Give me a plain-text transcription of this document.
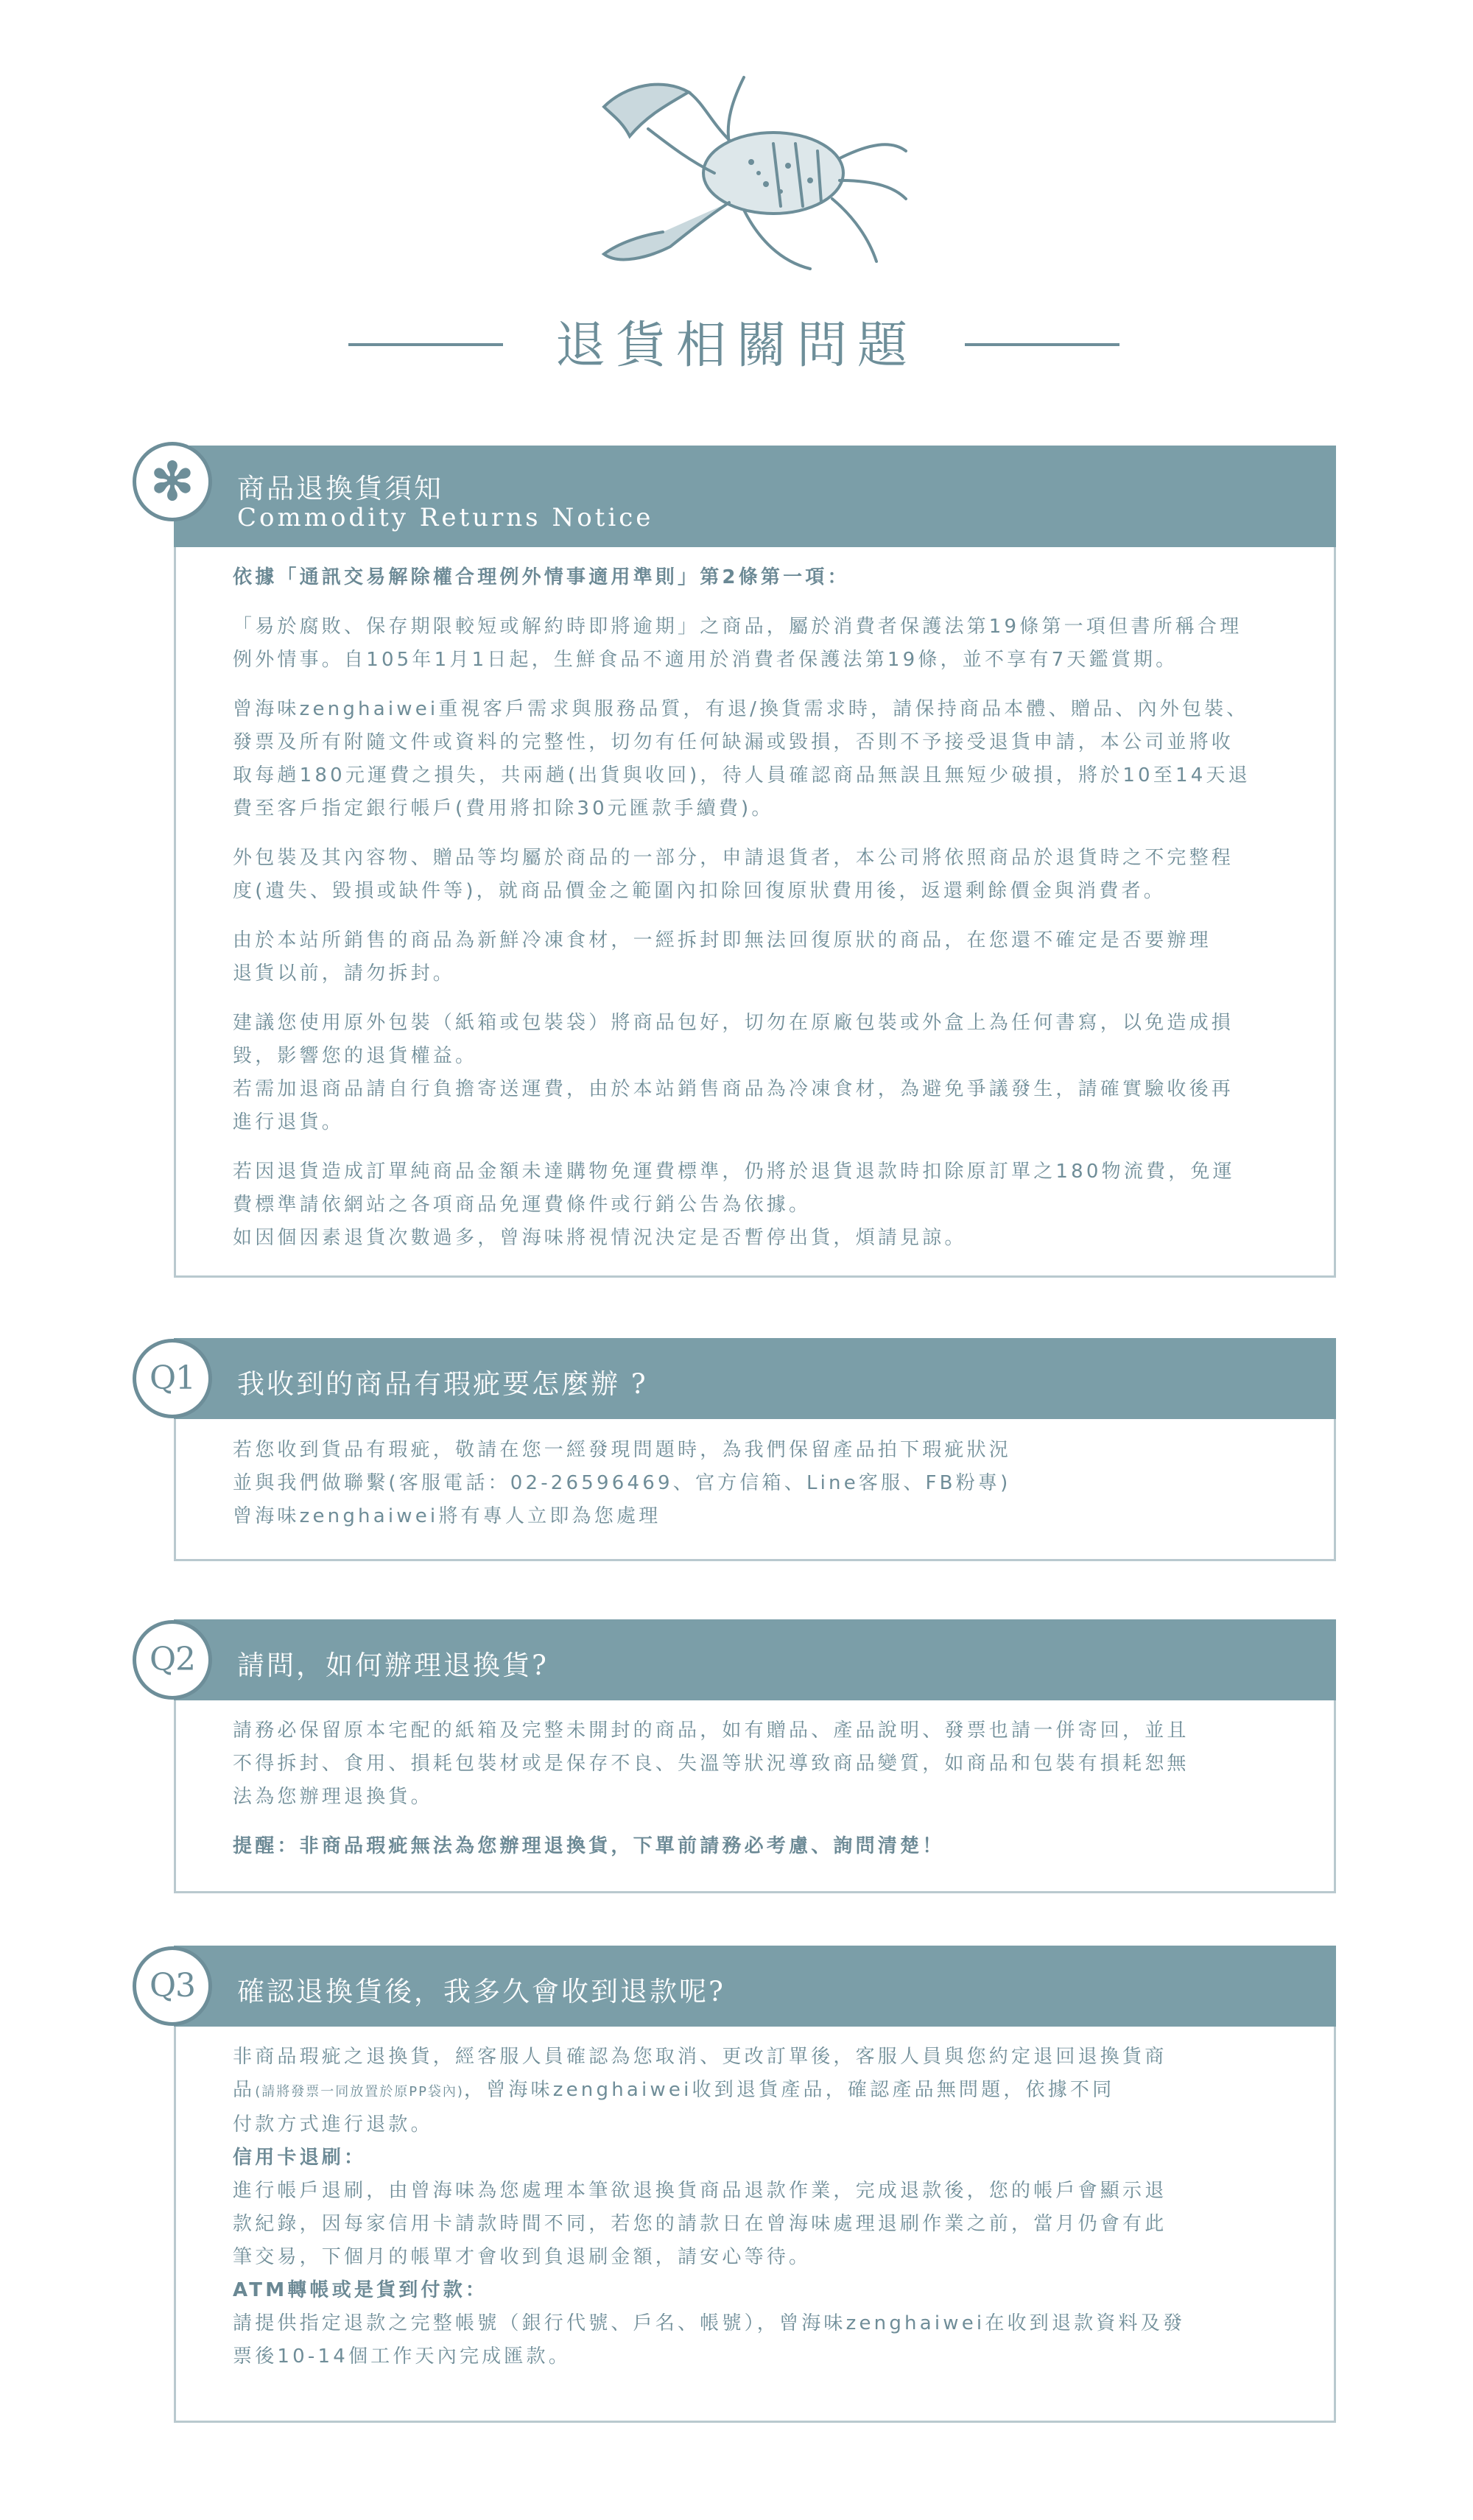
退貨相關問題
商品退換貨須知
Commodity Returns Notice
✻

依據「通訊交易解除權合理例外情事適用準則」第2條第一項：

「易於腐敗、保存期限較短或解約時即將逾期」之商品，屬於消費者保護法第19條第一項但書所稱合理

例外情事。自105年1月1日起，生鮮食品不適用於消費者保護法第19條，並不享有7天鑑賞期。

曾海味zenghaiwei重視客戶需求與服務品質，有退/換貨需求時，請保持商品本體、贈品、內外包裝、

發票及所有附隨文件或資料的完整性，切勿有任何缺漏或毀損，否則不予接受退貨申請，本公司並將收

取每趟180元運費之損失，共兩趟(出貨與收回)，待人員確認商品無誤且無短少破損，將於10至14天退

費至客戶指定銀行帳戶(費用將扣除30元匯款手續費)。

外包裝及其內容物、贈品等均屬於商品的一部分，申請退貨者，本公司將依照商品於退貨時之不完整程

度(遺失、毀損或缺件等)，就商品價金之範圍內扣除回復原狀費用後，返還剩餘價金與消費者。

由於本站所銷售的商品為新鮮冷凍食材，一經拆封即無法回復原狀的商品，在您還不確定是否要辦理

退貨以前，請勿拆封。

建議您使用原外包裝（紙箱或包裝袋）將商品包好，切勿在原廠包裝或外盒上為任何書寫，以免造成損

毀，影響您的退貨權益。

若需加退商品請自行負擔寄送運費，由於本站銷售商品為冷凍食材，為避免爭議發生，請確實驗收後再

進行退貨。

若因退貨造成訂單純商品金額未達購物免運費標準，仍將於退貨退款時扣除原訂單之180物流費，免運

費標準請依網站之各項商品免運費條件或行銷公告為依據。

如因個因素退貨次數過多，曾海味將視情況決定是否暫停出貨，煩請見諒。

我收到的商品有瑕疵要怎麼辦 ?
Q1

若您收到貨品有瑕疵，敬請在您一經發現問題時，為我們保留產品拍下瑕疵狀況

並與我們做聯繫(客服電話：02-26596469、官方信箱、Line客服、FB粉專)

曾海味zenghaiwei將有專人立即為您處理

請問，如何辦理退換貨?
Q2

請務必保留原本宅配的紙箱及完整未開封的商品，如有贈品、產品說明、發票也請一併寄回，並且

不得拆封、食用、損耗包裝材或是保存不良、失溫等狀況導致商品變質，如商品和包裝有損耗恕無

法為您辦理退換貨。

提醒：非商品瑕疵無法為您辦理退換貨，下單前請務必考慮、詢問清楚！

確認退換貨後，我多久會收到退款呢?
Q3

非商品瑕疵之退換貨，經客服人員確認為您取消、更改訂單後，客服人員與您約定退回退換貨商

品(請將發票一同放置於原PP袋內)，曾海味zenghaiwei收到退貨產品，確認產品無問題，依據不同

付款方式進行退款。

信用卡退刷：

進行帳戶退刷，由曾海味為您處理本筆欲退換貨商品退款作業，完成退款後，您的帳戶會顯示退

款紀錄，因每家信用卡請款時間不同，若您的請款日在曾海味處理退刷作業之前，當月仍會有此

筆交易，下個月的帳單才會收到負退刷金額，請安心等待。

ATM轉帳或是貨到付款：

請提供指定退款之完整帳號（銀行代號、戶名、帳號），曾海味zenghaiwei在收到退款資料及發

票後10-14個工作天內完成匯款。
